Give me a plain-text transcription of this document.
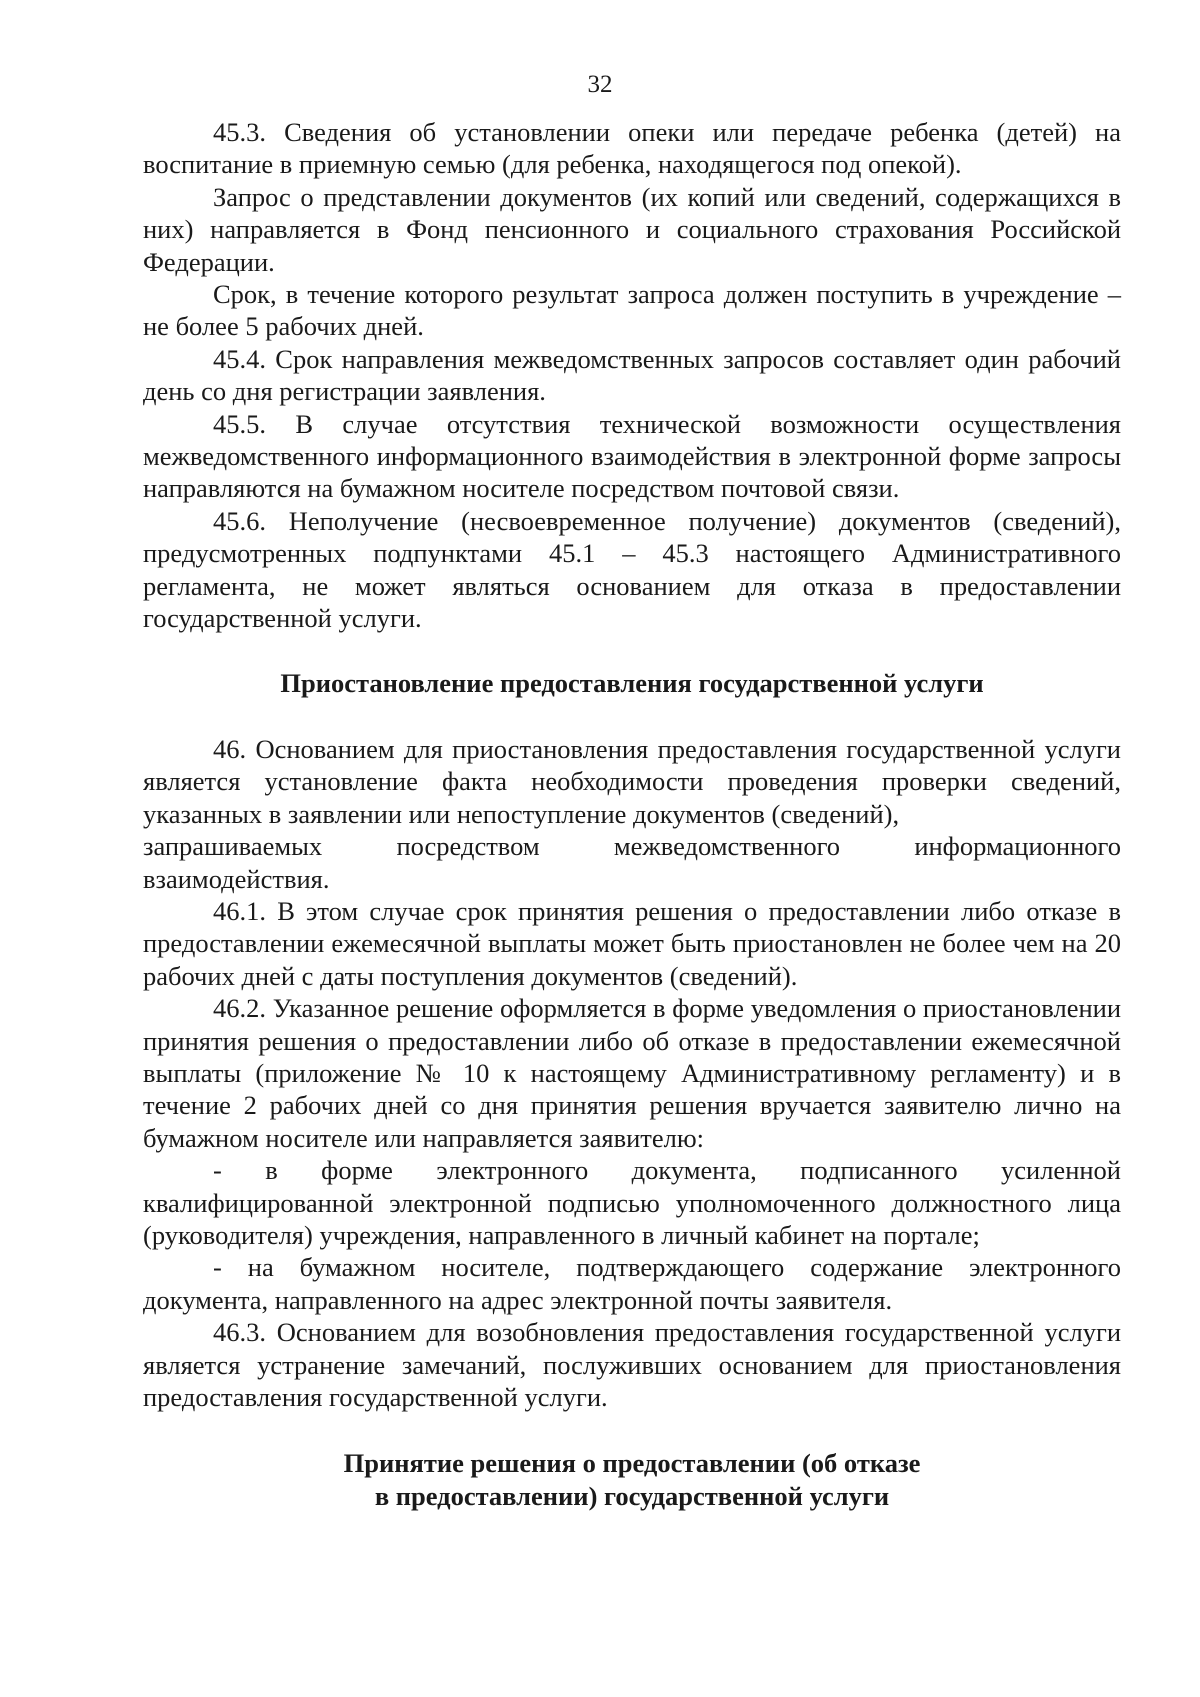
32

45.3. Сведения об установлении опеки или передаче ребенка (детей) на воспитание в приемную семью (для ребенка, находящегося под опекой).

Запрос о представлении документов (их копий или сведений, содержащихся в них) направляется в Фонд пенсионного и социального страхования Российской Федерации.

Срок, в течение которого результат запроса должен поступить в учреждение – не более 5 рабочих дней.

45.4. Срок направления межведомственных запросов составляет один рабочий день со дня регистрации заявления.

45.5. В случае отсутствия технической возможности осуществления межведомственного информационного взаимодействия в электронной форме запросы направляются на бумажном носителе посредством почтовой связи.

45.6. Неполучение (несвоевременное получение) документов (сведений), предусмотренных подпунктами 45.1 – 45.3 настоящего Административного регламента, не может являться основанием для отказа в предоставлении государственной услуги.

Приостановление предоставления государственной услуги

46. Основанием для приостановления предоставления государственной услуги является установление факта необходимости проведения проверки сведений, указанных в заявлении или непоступление документов (сведений),

запрашиваемых посредством межведомственного информационного

взаимодействия.

46.1. В этом случае срок принятия решения о предоставлении либо отказе в предоставлении ежемесячной выплаты может быть приостановлен не более чем на 20 рабочих дней с даты поступления документов (сведений).

46.2. Указанное решение оформляется в форме уведомления о приостановлении принятия решения о предоставлении либо об отказе в предоставлении ежемесячной выплаты (приложение № 10 к настоящему Административному регламенту) и в течение 2 рабочих дней со дня принятия решения вручается заявителю лично на бумажном носителе или направляется заявителю:

- в форме электронного документа, подписанного усиленной квалифицированной электронной подписью уполномоченного должностного лица (руководителя) учреждения, направленного в личный кабинет на портале;

- на бумажном носителе, подтверждающего содержание электронного документа, направленного на адрес электронной почты заявителя.

46.3. Основанием для возобновления предоставления государственной услуги является устранение замечаний, послуживших основанием для приостановления предоставления государственной услуги.

Принятие решения о предоставлении (об отказе

в предоставлении) государственной услуги
